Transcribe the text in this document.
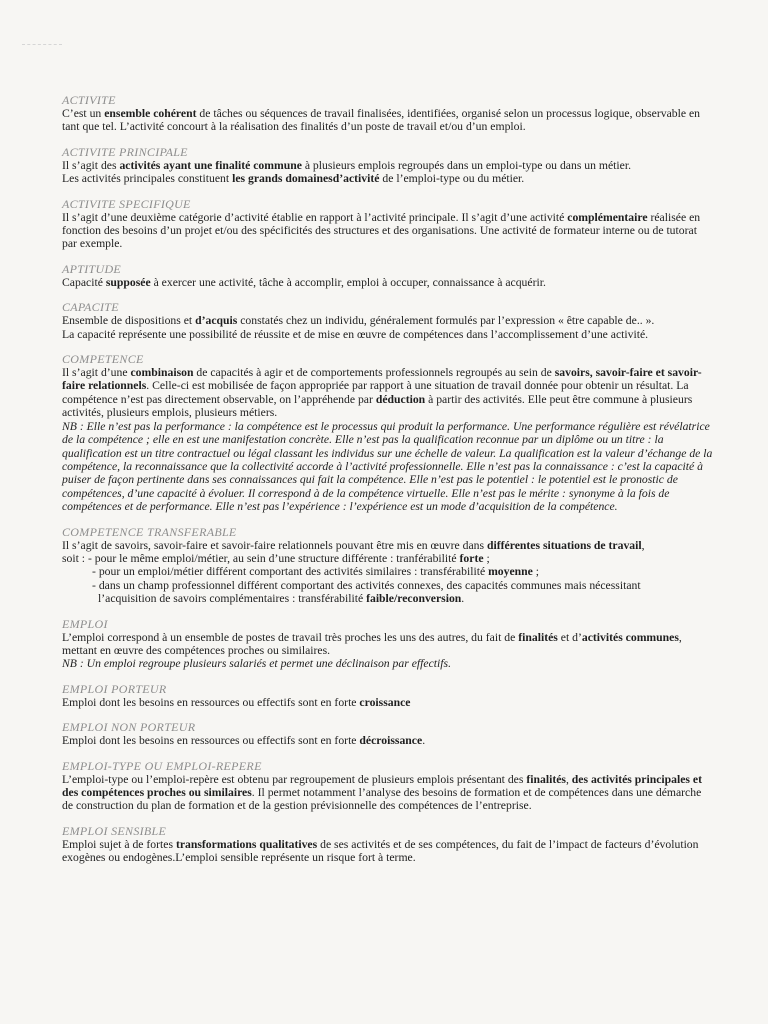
ACTIVITE

C’est un ensemble cohérent de tâches ou séquences de travail finalisées, identifiées, organisé selon un processus logique, observable en tant que tel. L’activité concourt à la réalisation des finalités d’un poste de travail et/ou d’un emploi.

ACTIVITE PRINCIPALE

Il s’agit des activités ayant une finalité commune à plusieurs emplois regroupés dans un emploi-type ou dans un métier.

Les activités principales constituent les grands domainesd’activité de l’emploi-type ou du métier.

ACTIVITE SPECIFIQUE

Il s’agit d’une deuxième catégorie d’activité établie en rapport à l’activité principale. Il s’agit d’une activité complémentaire réalisée en fonction des besoins d’un projet et/ou des spécificités des structures et des organisations. Une activité de formateur interne ou de tutorat par exemple.

APTITUDE

Capacité supposée à exercer une activité, tâche à accomplir, emploi à occuper, connaissance à acquérir.

CAPACITE

Ensemble de dispositions et d’acquis constatés chez un individu, généralement formulés par l’expression « être capable de.. ».

La capacité représente une possibilité de réussite et de mise en œuvre de compétences dans l’accomplissement d’une activité.

COMPETENCE

Il s’agit d’une combinaison de capacités à agir et de comportements professionnels regroupés au sein de savoirs, savoir-faire et savoir-faire relationnels. Celle-ci est mobilisée de façon appropriée par rapport à une situation de travail donnée pour obtenir un résultat. La compétence n’est pas directement observable, on l’appréhende par déduction à partir des activités. Elle peut être commune à plusieurs activités, plusieurs emplois, plusieurs métiers.

NB : Elle n’est pas la performance : la compétence est le processus qui produit la performance. Une performance régulière est révélatrice de la compétence ; elle en est une manifestation concrète. Elle n’est pas la qualification reconnue par un diplôme ou un titre : la qualification est un titre contractuel ou légal classant les individus sur une échelle de valeur. La qualification est la valeur d’échange de la compétence, la reconnaissance que la collectivité accorde à l’activité professionnelle. Elle n’est pas la connaissance : c’est la capacité à puiser de façon pertinente dans ses connaissances qui fait la compétence. Elle n’est pas le potentiel : le potentiel est le pronostic de compétences, d’une capacité à évoluer. Il correspond à de la compétence virtuelle. Elle n’est pas le mérite : synonyme à la fois de compétences et de performance. Elle n’est pas l’expérience : l’expérience est un mode d’acquisition de la compétence.

COMPETENCE TRANSFERABLE

Il s’agit de savoirs, savoir-faire et savoir-faire relationnels pouvant être mis en œuvre dans différentes situations de travail,

soit : - pour le même emploi/métier, au sein d’une structure différente : tranférabilité forte ;
- pour un emploi/métier différent comportant des activités similaires : transférabilité moyenne ;
- dans un champ professionnel différent comportant des activités connexes, des capacités communes mais nécessitant
l’acquisition de savoirs complémentaires : transférabilité faible/reconversion.
EMPLOI

L’emploi correspond à un ensemble de postes de travail très proches les uns des autres, du fait de finalités et d’activités communes, mettant en œuvre des compétences proches ou similaires.

NB : Un emploi regroupe plusieurs salariés et permet une déclinaison par effectifs.

EMPLOI PORTEUR

Emploi dont les besoins en ressources ou effectifs sont en forte croissance

EMPLOI NON PORTEUR

Emploi dont les besoins en ressources ou effectifs sont en forte décroissance.

EMPLOI-TYPE OU EMPLOI-REPERE

L’emploi-type ou l’emploi-repère est obtenu par regroupement de plusieurs emplois présentant des finalités, des activités principales et des compétences proches ou similaires. Il permet notamment l’analyse des besoins de formation et de compétences dans une démarche de construction du plan de formation et de la gestion prévisionnelle des compétences de l’entreprise.

EMPLOI SENSIBLE

Emploi sujet à de fortes transformations qualitatives de ses activités et de ses compétences, du fait de l’impact de facteurs d’évolution exogènes ou endogènes.L’emploi sensible représente un risque fort à terme.
